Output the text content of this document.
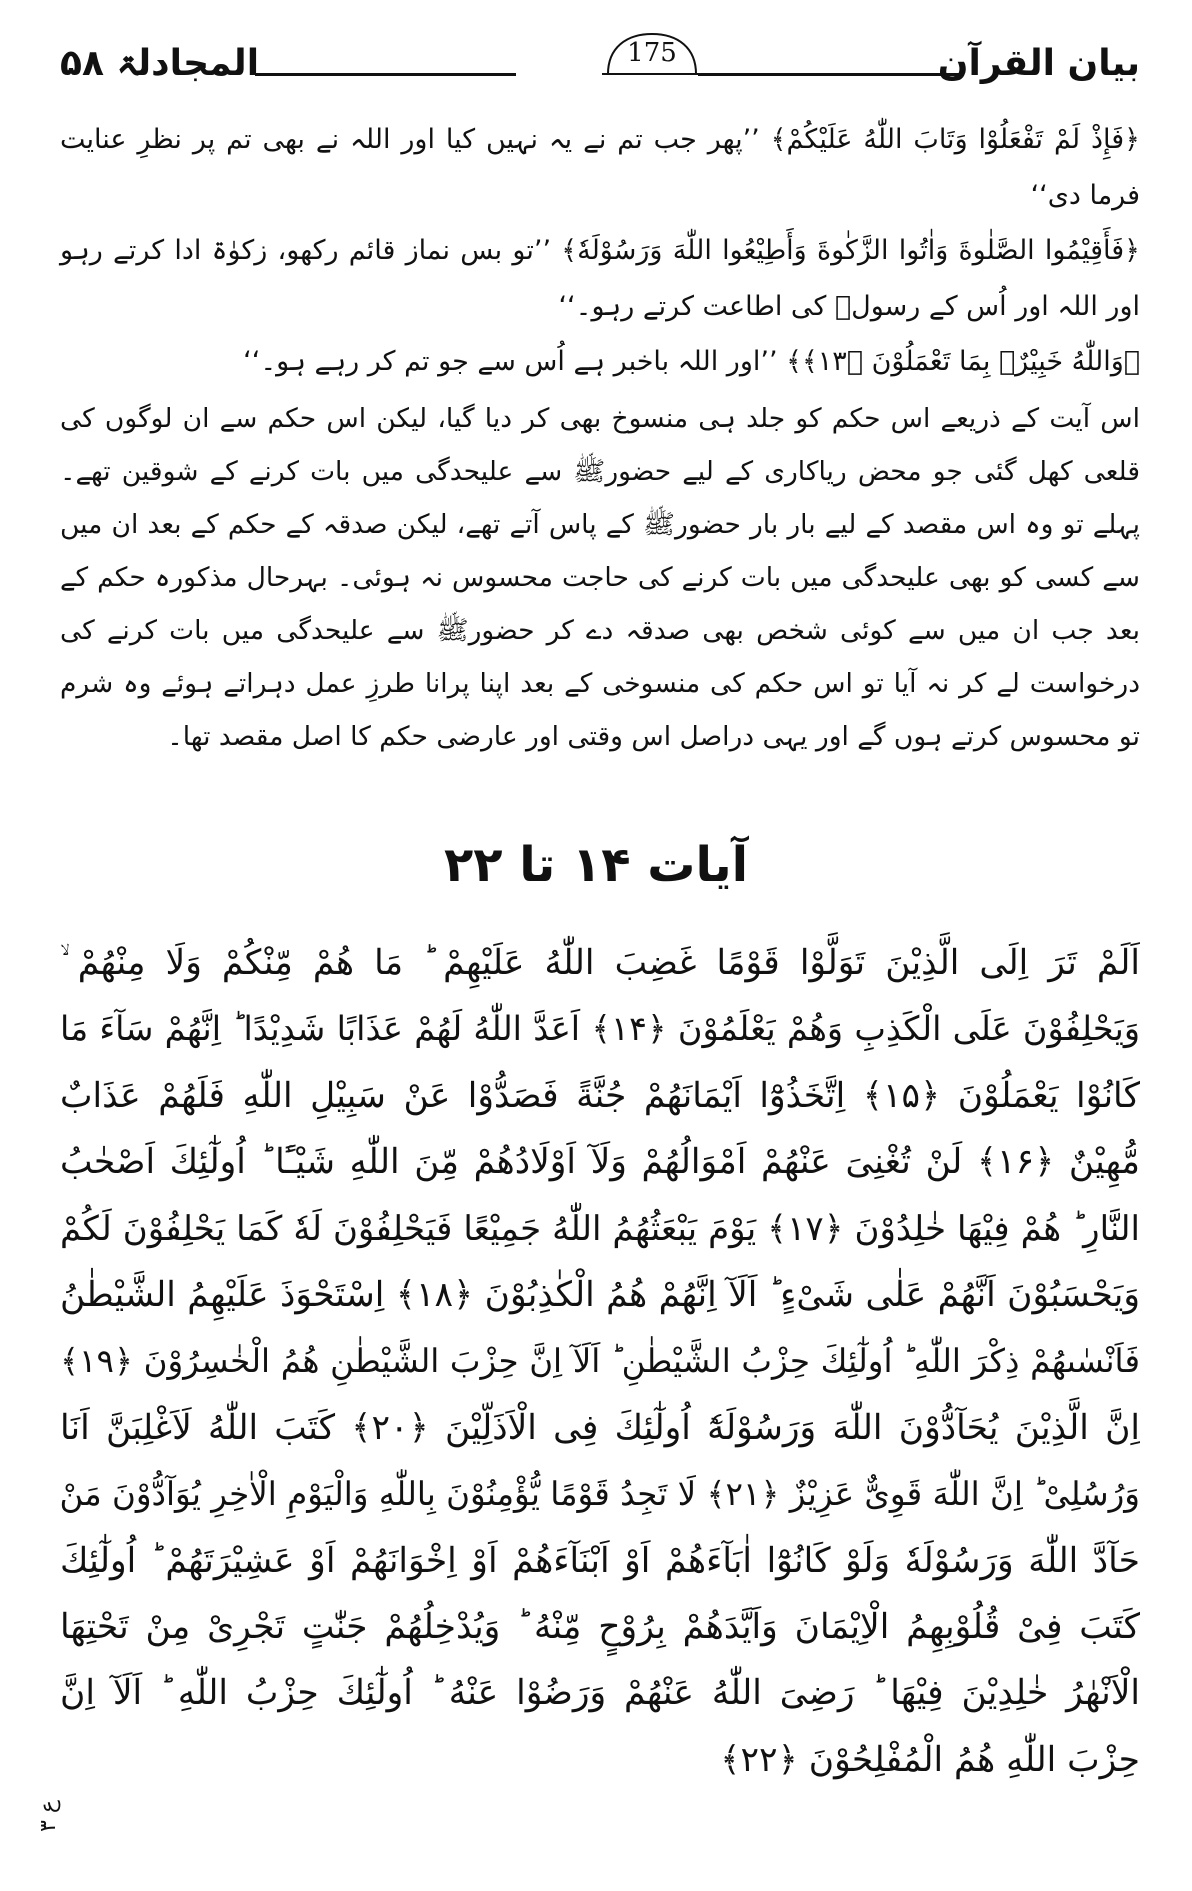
بیان القرآن
175
المجادلۃ ۵۸

﴿فَإِذْ لَمْ تَفْعَلُوْا وَتَابَ اللّٰهُ عَلَيْكُمْ﴾ ’’پھر جب تم نے یہ نہیں کیا اور اللہ نے بھی تم پر نظرِ عنایت فرما دی‘‘

﴿فَأَقِيْمُوا الصَّلٰوةَ وَاٰتُوا الزَّكٰوةَ وَأَطِيْعُوا اللّٰهَ وَرَسُوْلَهٗ﴾ ’’تو بس نماز قائم رکھو، زکوٰۃ ادا کرتے رہو اور اللہ اور اُس کے رسولؐ کی اطاعت کرتے رہو۔‘‘

﴿وَاللّٰهُ خَبِيْرٌۢ بِمَا تَعْمَلُوْنَ ﴿۱۳﴾﴾ ’’اور اللہ باخبر ہے اُس سے جو تم کر رہے ہو۔‘‘

اس آیت کے ذریعے اس حکم کو جلد ہی منسوخ بھی کر دیا گیا، لیکن اس حکم سے ان لوگوں کی قلعی کھل گئی جو محض ریاکاری کے لیے حضورﷺ سے علیحدگی میں بات کرنے کے شوقین تھے۔ پہلے تو وہ اس مقصد کے لیے بار بار حضورﷺ کے پاس آتے تھے، لیکن صدقہ کے حکم کے بعد ان میں سے کسی کو بھی علیحدگی میں بات کرنے کی حاجت محسوس نہ ہوئی۔ بہرحال مذکورہ حکم کے بعد جب ان میں سے کوئی شخص بھی صدقہ دے کر حضورﷺ سے علیحدگی میں بات کرنے کی درخواست لے کر نہ آیا تو اس حکم کی منسوخی کے بعد اپنا پرانا طرزِ عمل دہراتے ہوئے وہ شرم تو محسوس کرتے ہوں گے اور یہی دراصل اس وقتی اور عارضی حکم کا اصل مقصد تھا۔

آیات ۱۴ تا ۲۲
اَلَمْ تَرَ اِلَى الَّذِيْنَ تَوَلَّوْا قَوْمًا غَضِبَ اللّٰهُ عَلَيْهِمْ ؕ مَا هُمْ مِّنْكُمْ وَلَا مِنْهُمْ ۙ
وَيَحْلِفُوْنَ عَلَى الْكَذِبِ وَهُمْ يَعْلَمُوْنَ ﴿۱۴﴾ اَعَدَّ اللّٰهُ لَهُمْ عَذَابًا شَدِيْدًا ؕ اِنَّهُمْ سَآءَ مَا
كَانُوْا يَعْمَلُوْنَ ﴿۱۵﴾ اِتَّخَذُوْٓا اَيْمَانَهُمْ جُنَّةً فَصَدُّوْا عَنْ سَبِيْلِ اللّٰهِ فَلَهُمْ عَذَابٌ
مُّهِيْنٌ ﴿۱۶﴾ لَنْ تُغْنِىَ عَنْهُمْ اَمْوَالُهُمْ وَلَآ اَوْلَادُهُمْ مِّنَ اللّٰهِ شَيْـًٔا ؕ اُولٰٓئِكَ اَصْحٰبُ
النَّارِ ؕ هُمْ فِيْهَا خٰلِدُوْنَ ﴿۱۷﴾ يَوْمَ يَبْعَثُهُمُ اللّٰهُ جَمِيْعًا فَيَحْلِفُوْنَ لَهٗ كَمَا يَحْلِفُوْنَ لَكُمْ
وَيَحْسَبُوْنَ اَنَّهُمْ عَلٰى شَىْءٍ ؕ اَلَآ اِنَّهُمْ هُمُ الْكٰذِبُوْنَ ﴿۱۸﴾ اِسْتَحْوَذَ عَلَيْهِمُ الشَّيْطٰنُ
فَاَنْسٰىهُمْ ذِكْرَ اللّٰهِ ؕ اُولٰٓئِكَ حِزْبُ الشَّيْطٰنِ ؕ اَلَآ اِنَّ حِزْبَ الشَّيْطٰنِ هُمُ الْخٰسِرُوْنَ ﴿۱۹﴾
اِنَّ الَّذِيْنَ يُحَآدُّوْنَ اللّٰهَ وَرَسُوْلَهٗٓ اُولٰٓئِكَ فِى الْاَذَلِّيْنَ ﴿۲۰﴾ كَتَبَ اللّٰهُ لَاَغْلِبَنَّ اَنَا
وَرُسُلِىْ ؕ اِنَّ اللّٰهَ قَوِىٌّ عَزِيْزٌ ﴿۲۱﴾ لَا تَجِدُ قَوْمًا يُّؤْمِنُوْنَ بِاللّٰهِ وَالْيَوْمِ الْاٰخِرِ يُوَآدُّوْنَ مَنْ
حَآدَّ اللّٰهَ وَرَسُوْلَهٗ وَلَوْ كَانُوْٓا اٰبَآءَهُمْ اَوْ اَبْنَآءَهُمْ اَوْ اِخْوَانَهُمْ اَوْ عَشِيْرَتَهُمْ ؕ اُولٰٓئِكَ
كَتَبَ فِىْ قُلُوْبِهِمُ الْاِيْمَانَ وَاَيَّدَهُمْ بِرُوْحٍ مِّنْهُ ؕ وَيُدْخِلُهُمْ جَنّٰتٍ تَجْرِىْ مِنْ تَحْتِهَا
الْاَنْهٰرُ خٰلِدِيْنَ فِيْهَا ؕ رَضِىَ اللّٰهُ عَنْهُمْ وَرَضُوْا عَنْهُ ؕ اُولٰٓئِكَ حِزْبُ اللّٰهِ ؕ اَلَآ اِنَّ
حِزْبَ اللّٰهِ هُمُ الْمُفْلِحُوْنَ ﴿۲۲﴾
ع ۳
